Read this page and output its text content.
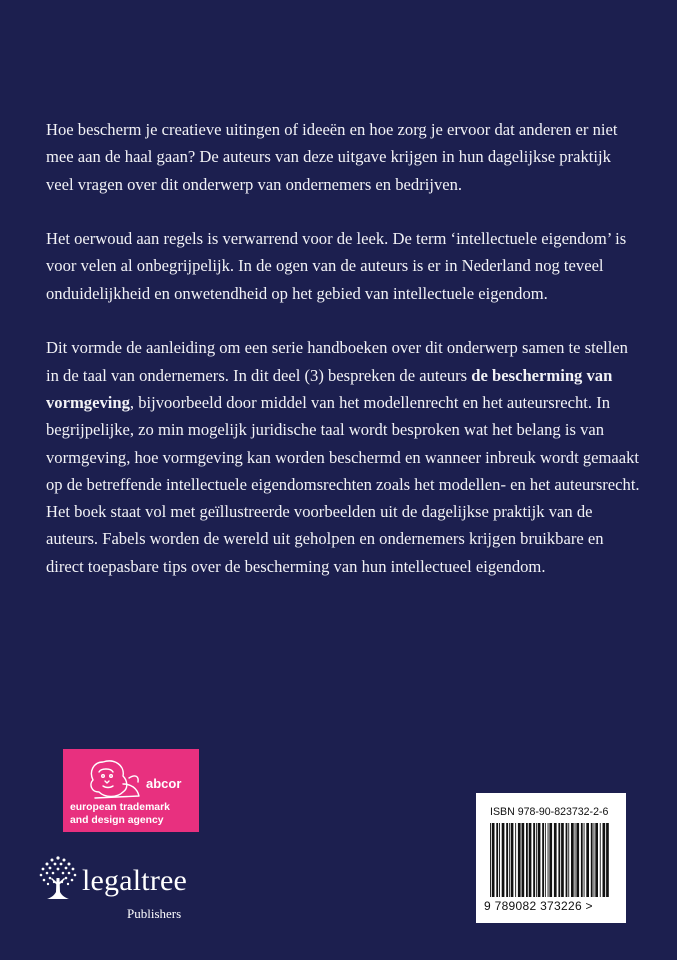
Hoe bescherm je creatieve uitingen of ideeën en hoe zorg je ervoor dat anderen er niet mee aan de haal gaan? De auteurs van deze uitgave krijgen in hun dagelijkse praktijk veel vragen over dit onderwerp van ondernemers en bedrijven.

Het oerwoud aan regels is verwarrend voor de leek. De term ‘intellectuele eigendom’ is voor velen al onbegrijpelijk. In de ogen van de auteurs is er in Nederland nog teveel onduidelijkheid en onwetendheid op het gebied van intellectuele eigendom.

Dit vormde de aanleiding om een serie handboeken over dit onderwerp samen te stellen in de taal van ondernemers. In dit deel (3) bespreken de auteurs de bescherming van vormgeving, bijvoorbeeld door middel van het modellenrecht en het auteursrecht. In begrijpelijke, zo min mogelijk juridische taal wordt besproken wat het belang is van vormgeving, hoe vormgeving kan worden beschermd en wanneer inbreuk wordt gemaakt op de betreffende intellectuele eigendomsrechten zoals het modellen- en het auteursrecht. Het boek staat vol met geïllustreerde voorbeelden uit de dagelijkse praktijk van de auteurs. Fabels worden de wereld uit geholpen en ondernemers krijgen bruikbare en direct toepasbare tips over de bescherming van hun intellectueel eigendom.

abcor
european trademark
and design agency
legaltree
Publishers
ISBN 978-90-823732-2-6
9 789082 373226 >
